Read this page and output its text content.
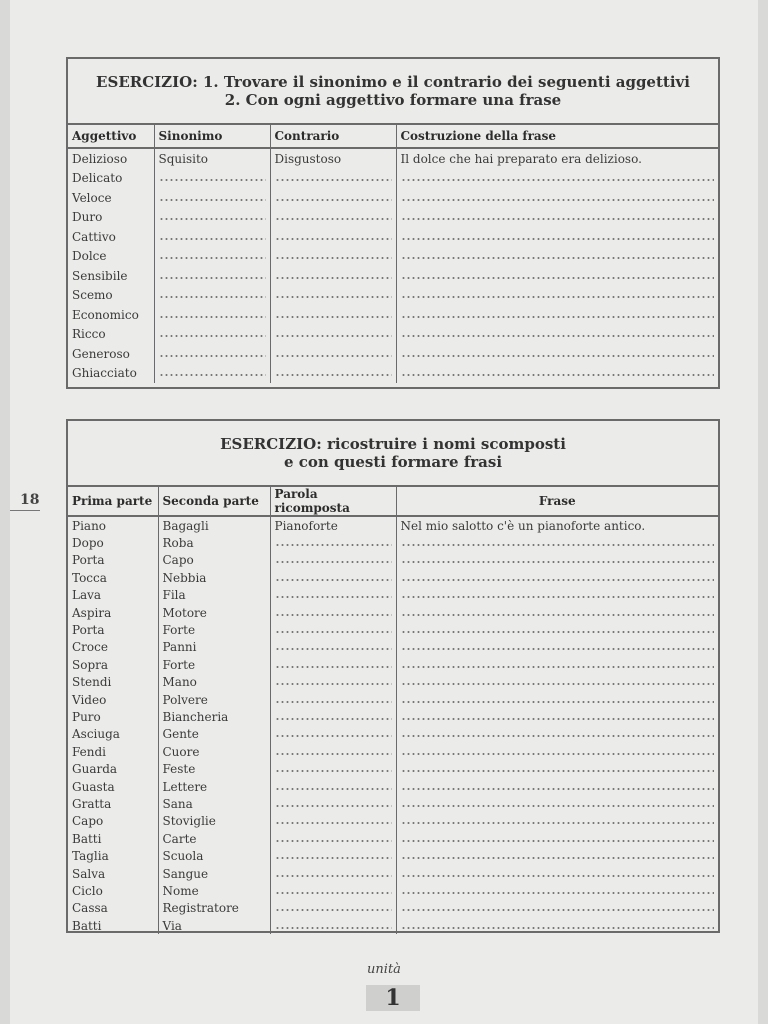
ESERCIZIO: 1. Trovare il sinonimo e il contrario dei seguenti aggettivi
2. Con ogni aggettivo formare una frase
Aggettivo	Sinonimo	Contrario	Costruzione della frase
Delizioso	Squisito	Disgustoso	Il dolce che hai preparato era delizioso.
Delicato	

Veloce	

Duro	

Cattivo	

Dolce	

Sensibile	

Scemo	

Economico	

Ricco	

Generoso	

Ghiacciato	

ESERCIZIO: ricostruire i nomi scomposti
e con questi formare frasi
Prima parte	Seconda parte	Parola ricomposta	Frase
Piano	Bagagli	Pianoforte	Nel mio salotto c'è un pianoforte antico.
Dopo	Roba	

Porta	Capo	

Tocca	Nebbia	

Lava	Fila	

Aspira	Motore	

Porta	Forte	

Croce	Panni	

Sopra	Forte	

Stendi	Mano	

Video	Polvere	

Puro	Biancheria	

Asciuga	Gente	

Fendi	Cuore	

Guarda	Feste	

Guasta	Lettere	

Gratta	Sana	

Capo	Stoviglie	

Batti	Carte	

Taglia	Scuola	

Salva	Sangue	

Ciclo	Nome	

Cassa	Registratore	

Batti	Via	

18
unità
1
